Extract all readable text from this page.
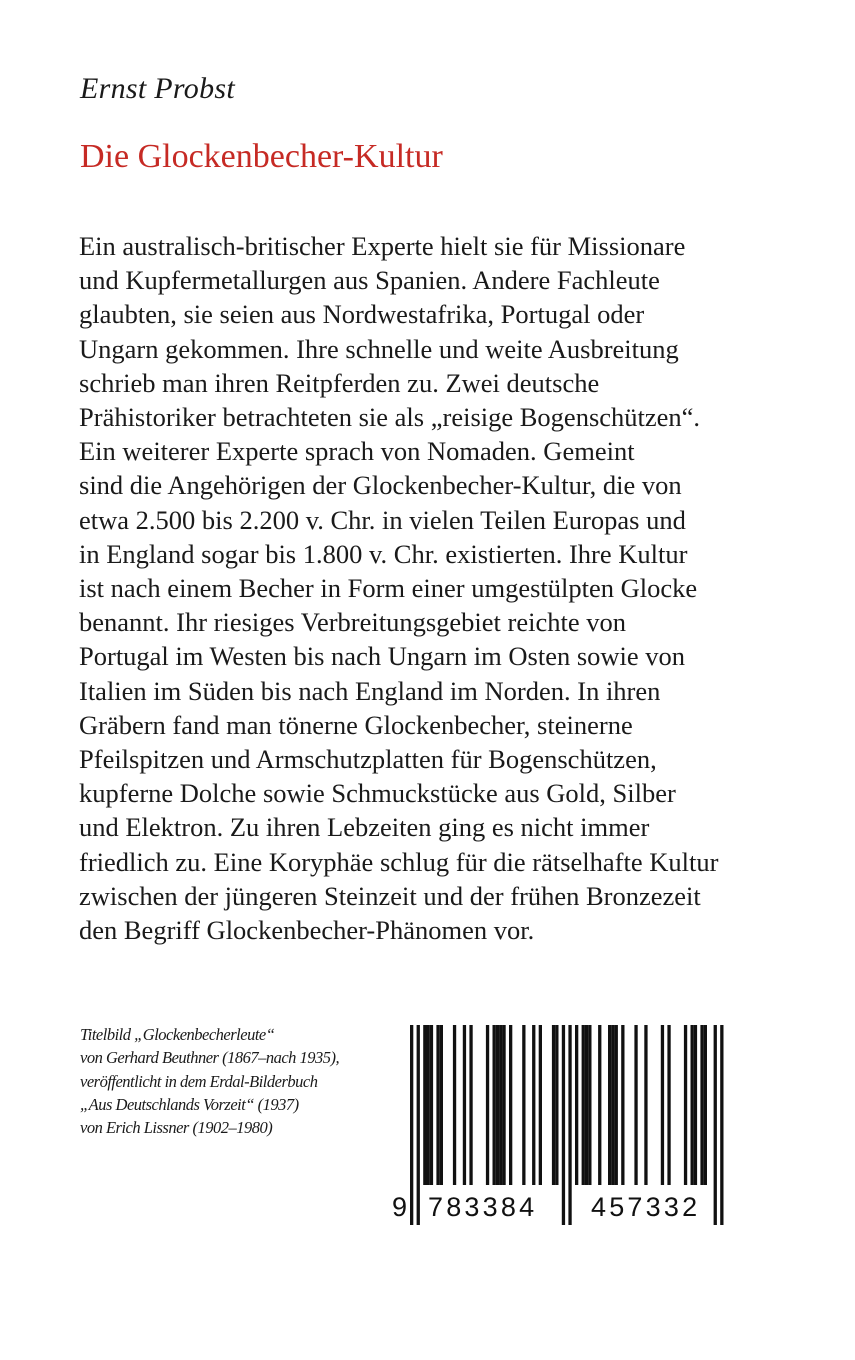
Ernst Probst
Die Glockenbecher-Kultur
Ein australisch-britischer Experte hielt sie für Missionare
und Kupfermetallurgen aus Spanien. Andere Fachleute
glaubten, sie seien aus Nordwestafrika, Portugal oder
Ungarn gekommen. Ihre schnelle und weite Ausbreitung
schrieb man ihren Reitpferden zu. Zwei deutsche
Prähistoriker betrachteten sie als „reisige Bogenschützen“.
Ein weiterer Experte sprach von Nomaden. Gemeint
sind die Angehörigen der Glockenbecher-Kultur, die von
etwa 2.500 bis 2.200 v. Chr. in vielen Teilen Europas und
in England sogar bis 1.800 v. Chr. existierten. Ihre Kultur
ist nach einem Becher in Form einer umgestülpten Glocke
benannt. Ihr riesiges Verbreitungsgebiet reichte von
Portugal im Westen bis nach Ungarn im Osten sowie von
Italien im Süden bis nach England im Norden. In ihren
Gräbern fand man tönerne Glockenbecher, steinerne
Pfeilspitzen und Armschutzplatten für Bogenschützen,
kupferne Dolche sowie Schmuckstücke aus Gold, Silber
und Elektron. Zu ihren Lebzeiten ging es nicht immer
friedlich zu. Eine Koryphäe schlug für die rätselhafte Kultur
zwischen der jüngeren Steinzeit und der frühen Bronzezeit
den Begriff Glockenbecher-Phänomen vor.
Titelbild „Glockenbecherleute“
von Gerhard Beuthner (1867–nach 1935),
veröffentlicht in dem Erdal-Bilderbuch
„Aus Deutschlands Vorzeit“ (1937)
von Erich Lissner (1902–1980)
9 783384 457332
